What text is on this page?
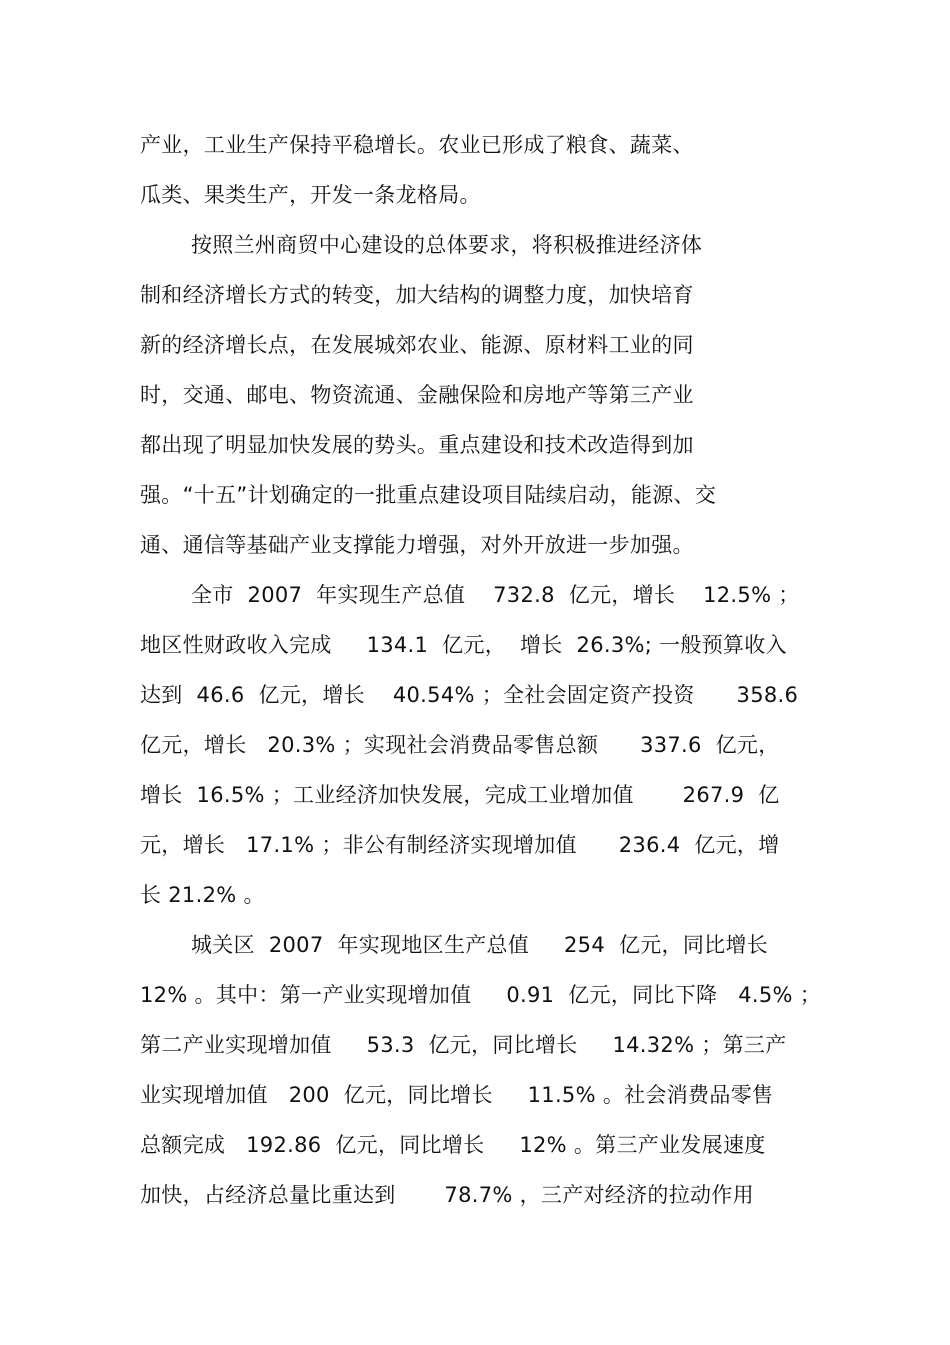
产业，工业生产保持平稳增长。农业已形成了粮食、蔬菜、
瓜类、果类生产，开发一条龙格局。
按照兰州商贸中心建设的总体要求，将积极推进经济体
制和经济增长方式的转变，加大结构的调整力度，加快培育
新的经济增长点，在发展城郊农业、能源、原材料工业的同
时，交通、邮电、物资流通、金融保险和房地产等第三产业
都出现了明显加快发展的势头。重点建设和技术改造得到加
强。“十五”计划确定的一批重点建设项目陆续启动，能源、交
通、通信等基础产业支撑能力增强，对外开放进一步加强。
全市  2007  年实现生产总值    732.8  亿元，增长    12.5% ；
地区性财政收入完成     134.1  亿元，  增长  26.3%; 一般预算收入
达到  46.6  亿元，增长    40.54% ；全社会固定资产投资      358.6
亿元，增长   20.3% ；实现社会消费品零售总额      337.6  亿元，
增长  16.5% ；工业经济加快发展，完成工业增加值       267.9  亿
元，增长   17.1% ；非公有制经济实现增加值      236.4  亿元，增
长 21.2% 。
城关区  2007  年实现地区生产总值     254  亿元，同比增长
12% 。其中：第一产业实现增加值     0.91  亿元，同比下降   4.5% ；
第二产业实现增加值     53.3  亿元，同比增长     14.32% ；第三产
业实现增加值   200  亿元，同比增长     11.5% 。社会消费品零售
总额完成   192.86  亿元，同比增长     12% 。第三产业发展速度
加快，占经济总量比重达到       78.7% ，三产对经济的拉动作用
